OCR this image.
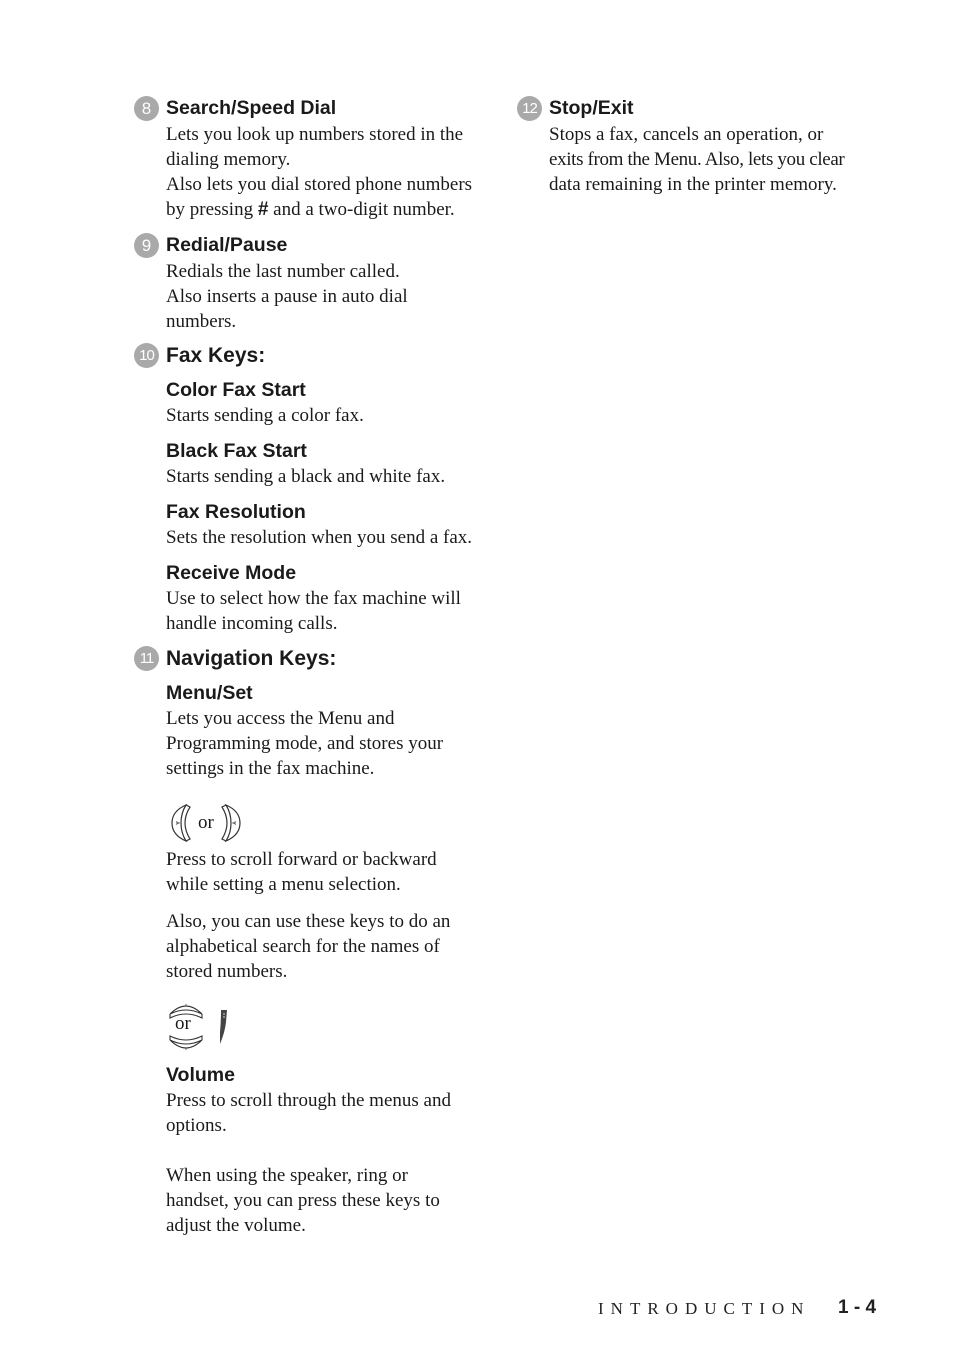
8 Search/Speed Dial
Lets you look up numbers stored in the
dialing memory.
Also lets you dial stored phone numbers
by pressing # and a two-digit number.
9 Redial/Pause
Redials the last number called.
Also inserts a pause in auto dial
numbers.
10 Fax Keys:
Color Fax Start
Starts sending a color fax.
Black Fax Start
Starts sending a black and white fax.
Fax Resolution
Sets the resolution when you send a fax.
Receive Mode
Use to select how the fax machine will
handle incoming calls.
11 Navigation Keys:
Menu/Set
Lets you access the Menu and
Programming mode, and stores your
settings in the fax machine.
or
Press to scroll forward or backward
while setting a menu selection.
Also, you can use these keys to do an
alphabetical search for the names of
stored numbers.
or
Volume
Press to scroll through the menus and
options.
When using the speaker, ring or
handset, you can press these keys to
adjust the volume.
12 Stop/Exit
Stops a fax, cancels an operation, or
exits from the Menu. Also, lets you clear
data remaining in the printer memory.
INTRODUCTION 1 - 4
